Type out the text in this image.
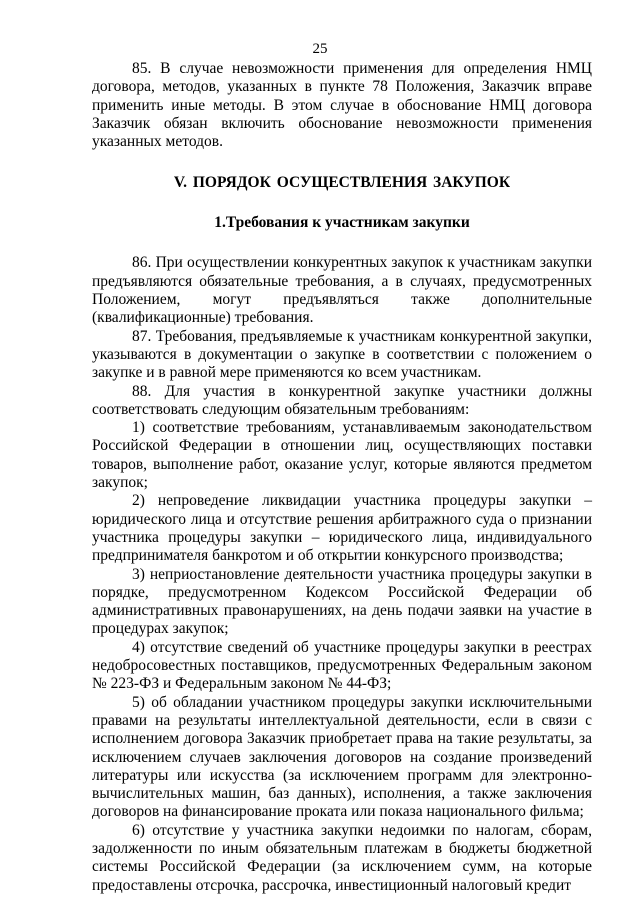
25

85. В случае невозможности применения для определения НМЦ договора, методов, указанных в пункте 78 Положения, Заказчик вправе применить иные методы. В этом случае в обоснование НМЦ договора Заказчик обязан включить обоснование невозможности применения указанных методов.

V. ПОРЯДОК ОСУЩЕСТВЛЕНИЯ ЗАКУПОК
1.Требования к участникам закупки

86. При осуществлении конкурентных закупок к участникам закупки предъявляются обязательные требования, а в случаях, предусмотренных Положением, могут предъявляться также дополнительные (квалификационные) требования.

87. Требования, предъявляемые к участникам конкурентной закупки, указываются в документации о закупке в соответствии с положением о закупке и в равной мере применяются ко всем участникам.

88. Для участия в конкурентной закупке участники должны соответствовать следующим обязательным требованиям:

1) соответствие требованиям, устанавливаемым законодательством Российской Федерации в отношении лиц, осуществляющих поставки товаров, выполнение работ, оказание услуг, которые являются предметом закупок;

2) непроведение ликвидации участника процедуры закупки – юридического лица и отсутствие решения арбитражного суда о признании участника процедуры закупки – юридического лица, индивидуального предпринимателя банкротом и об открытии конкурсного производства;

3) неприостановление деятельности участника процедуры закупки в порядке, предусмотренном Кодексом Российской Федерации об административных правонарушениях, на день подачи заявки на участие в процедурах закупок;

4) отсутствие сведений об участнике процедуры закупки в реестрах недобросовестных поставщиков, предусмотренных Федеральным законом № 223-ФЗ и Федеральным законом № 44-ФЗ;

5) об обладании участником процедуры закупки исключительными правами на результаты интеллектуальной деятельности, если в связи с исполнением договора Заказчик приобретает права на такие результаты, за исключением случаев заключения договоров на создание произведений литературы или искусства (за исключением программ для электронно-вычислительных машин, баз данных), исполнения, а также заключения договоров на финансирование проката или показа национального фильма;

6) отсутствие у участника закупки недоимки по налогам, сборам, задолженности по иным обязательным платежам в бюджеты бюджетной системы Российской Федерации (за исключением сумм, на которые предоставлены отсрочка, рассрочка, инвестиционный налоговый кредит
